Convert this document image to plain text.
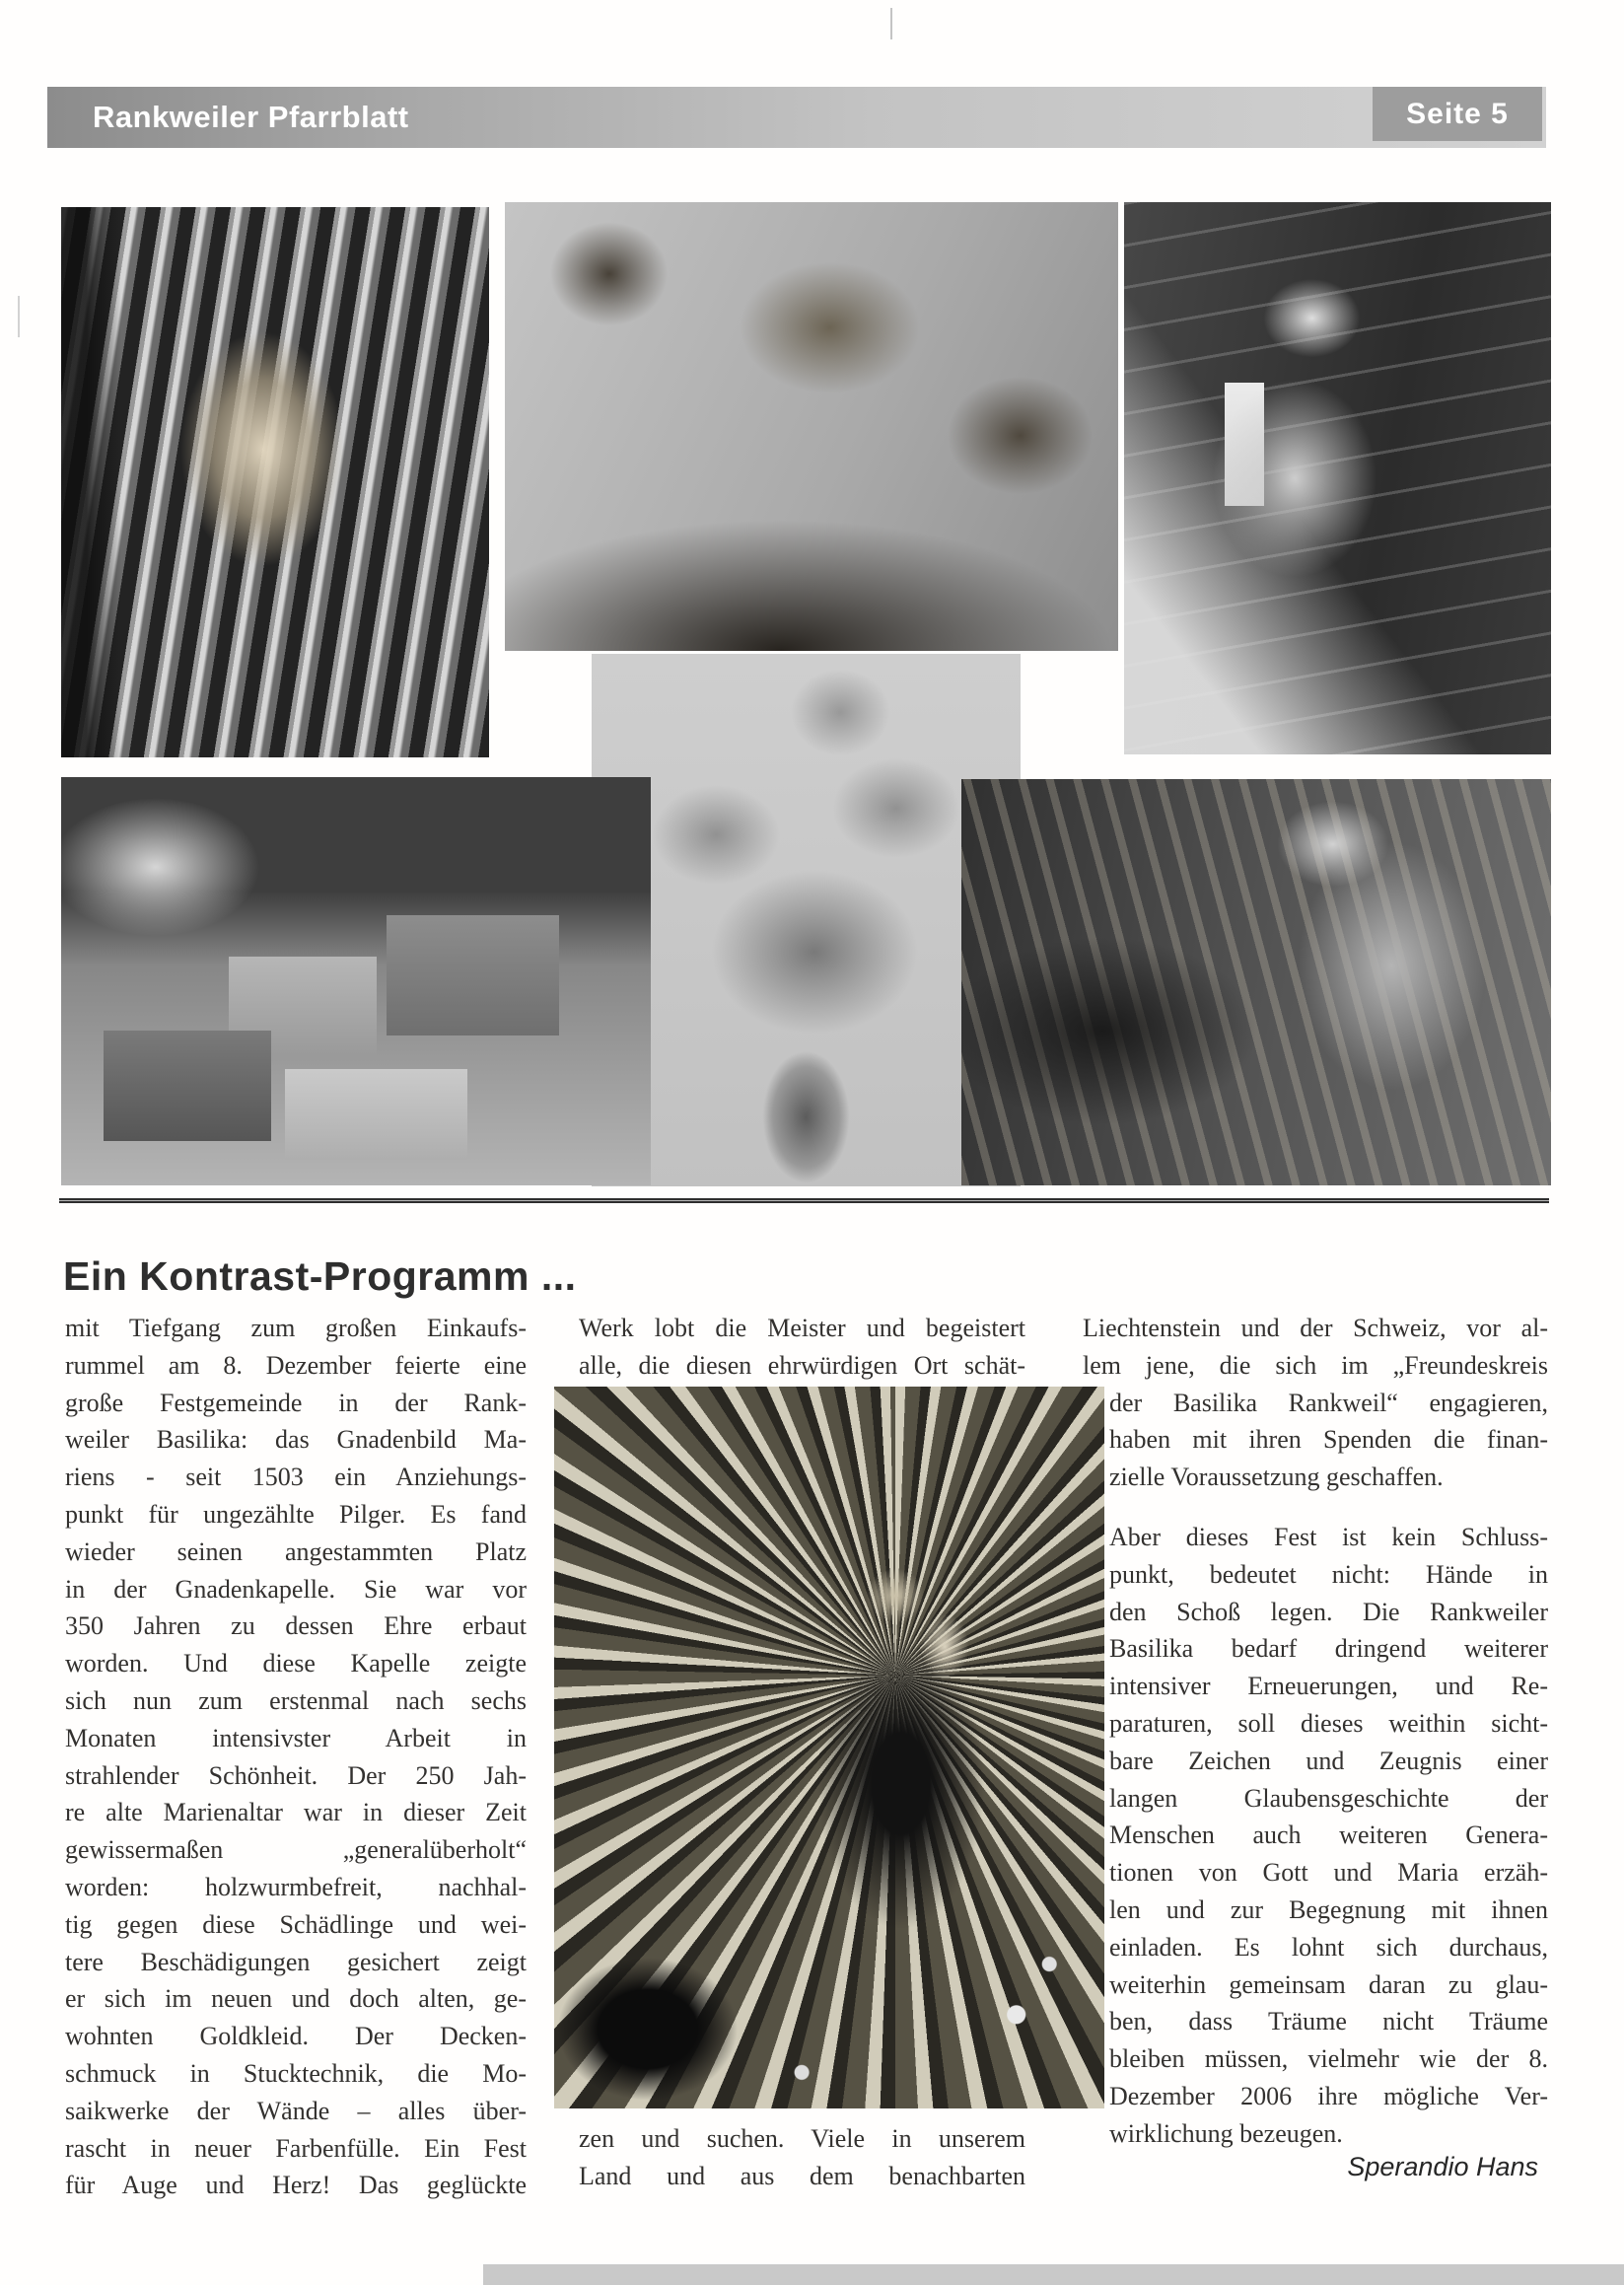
Rankweiler Pfarrblatt	Seite 5
Ein Kontrast-Programm ...
mit Tiefgang zum großen Einkaufs-
rummel am 8. Dezember feierte eine
große Festgemeinde in der Rank-
weiler Basilika: das Gnadenbild Ma-
riens - seit 1503 ein Anziehungs-
punkt für ungezählte Pilger. Es fand
wieder seinen angestammten Platz
in der Gnadenkapelle. Sie war vor
350 Jahren zu dessen Ehre erbaut
worden. Und diese Kapelle zeigte
sich nun zum erstenmal nach sechs
Monaten intensivster Arbeit in
strahlender Schönheit. Der 250 Jah-
re alte Marienaltar war in dieser Zeit
gewissermaßen „generalüberholt“
worden: holzwurmbefreit, nachhal-
tig gegen diese Schädlinge und wei-
tere Beschädigungen gesichert zeigt
er sich im neuen und doch alten, ge-
wohnten Goldkleid. Der Decken-
schmuck in Stucktechnik, die Mo-
saikwerke der Wände – alles über-
rascht in neuer Farbenfülle. Ein Fest
für Auge und Herz! Das geglückte
Werk lobt die Meister und begeistert
alle, die diesen ehrwürdigen Ort schät-
zen und suchen. Viele in unserem
Land und aus dem benachbarten
Liechtenstein und der Schweiz, vor al-
lem jene, die sich im „Freundeskreis
der Basilika Rankweil“ engagieren,
haben mit ihren Spenden die finan-
zielle Voraussetzung geschaffen.
Aber dieses Fest ist kein Schluss-
punkt, bedeutet nicht: Hände in
den Schoß legen. Die Rankweiler
Basilika bedarf dringend weiterer
intensiver Erneuerungen, und Re-
paraturen, soll dieses weithin sicht-
bare Zeichen und Zeugnis einer
langen Glaubensgeschichte der
Menschen auch weiteren Genera-
tionen von Gott und Maria erzäh-
len und zur Begegnung mit ihnen
einladen. Es lohnt sich durchaus,
weiterhin gemeinsam daran zu glau-
ben, dass Träume nicht Träume
bleiben müssen, vielmehr wie der 8.
Dezember 2006 ihre mögliche Ver-
wirklichung bezeugen.
Sperandio Hans
